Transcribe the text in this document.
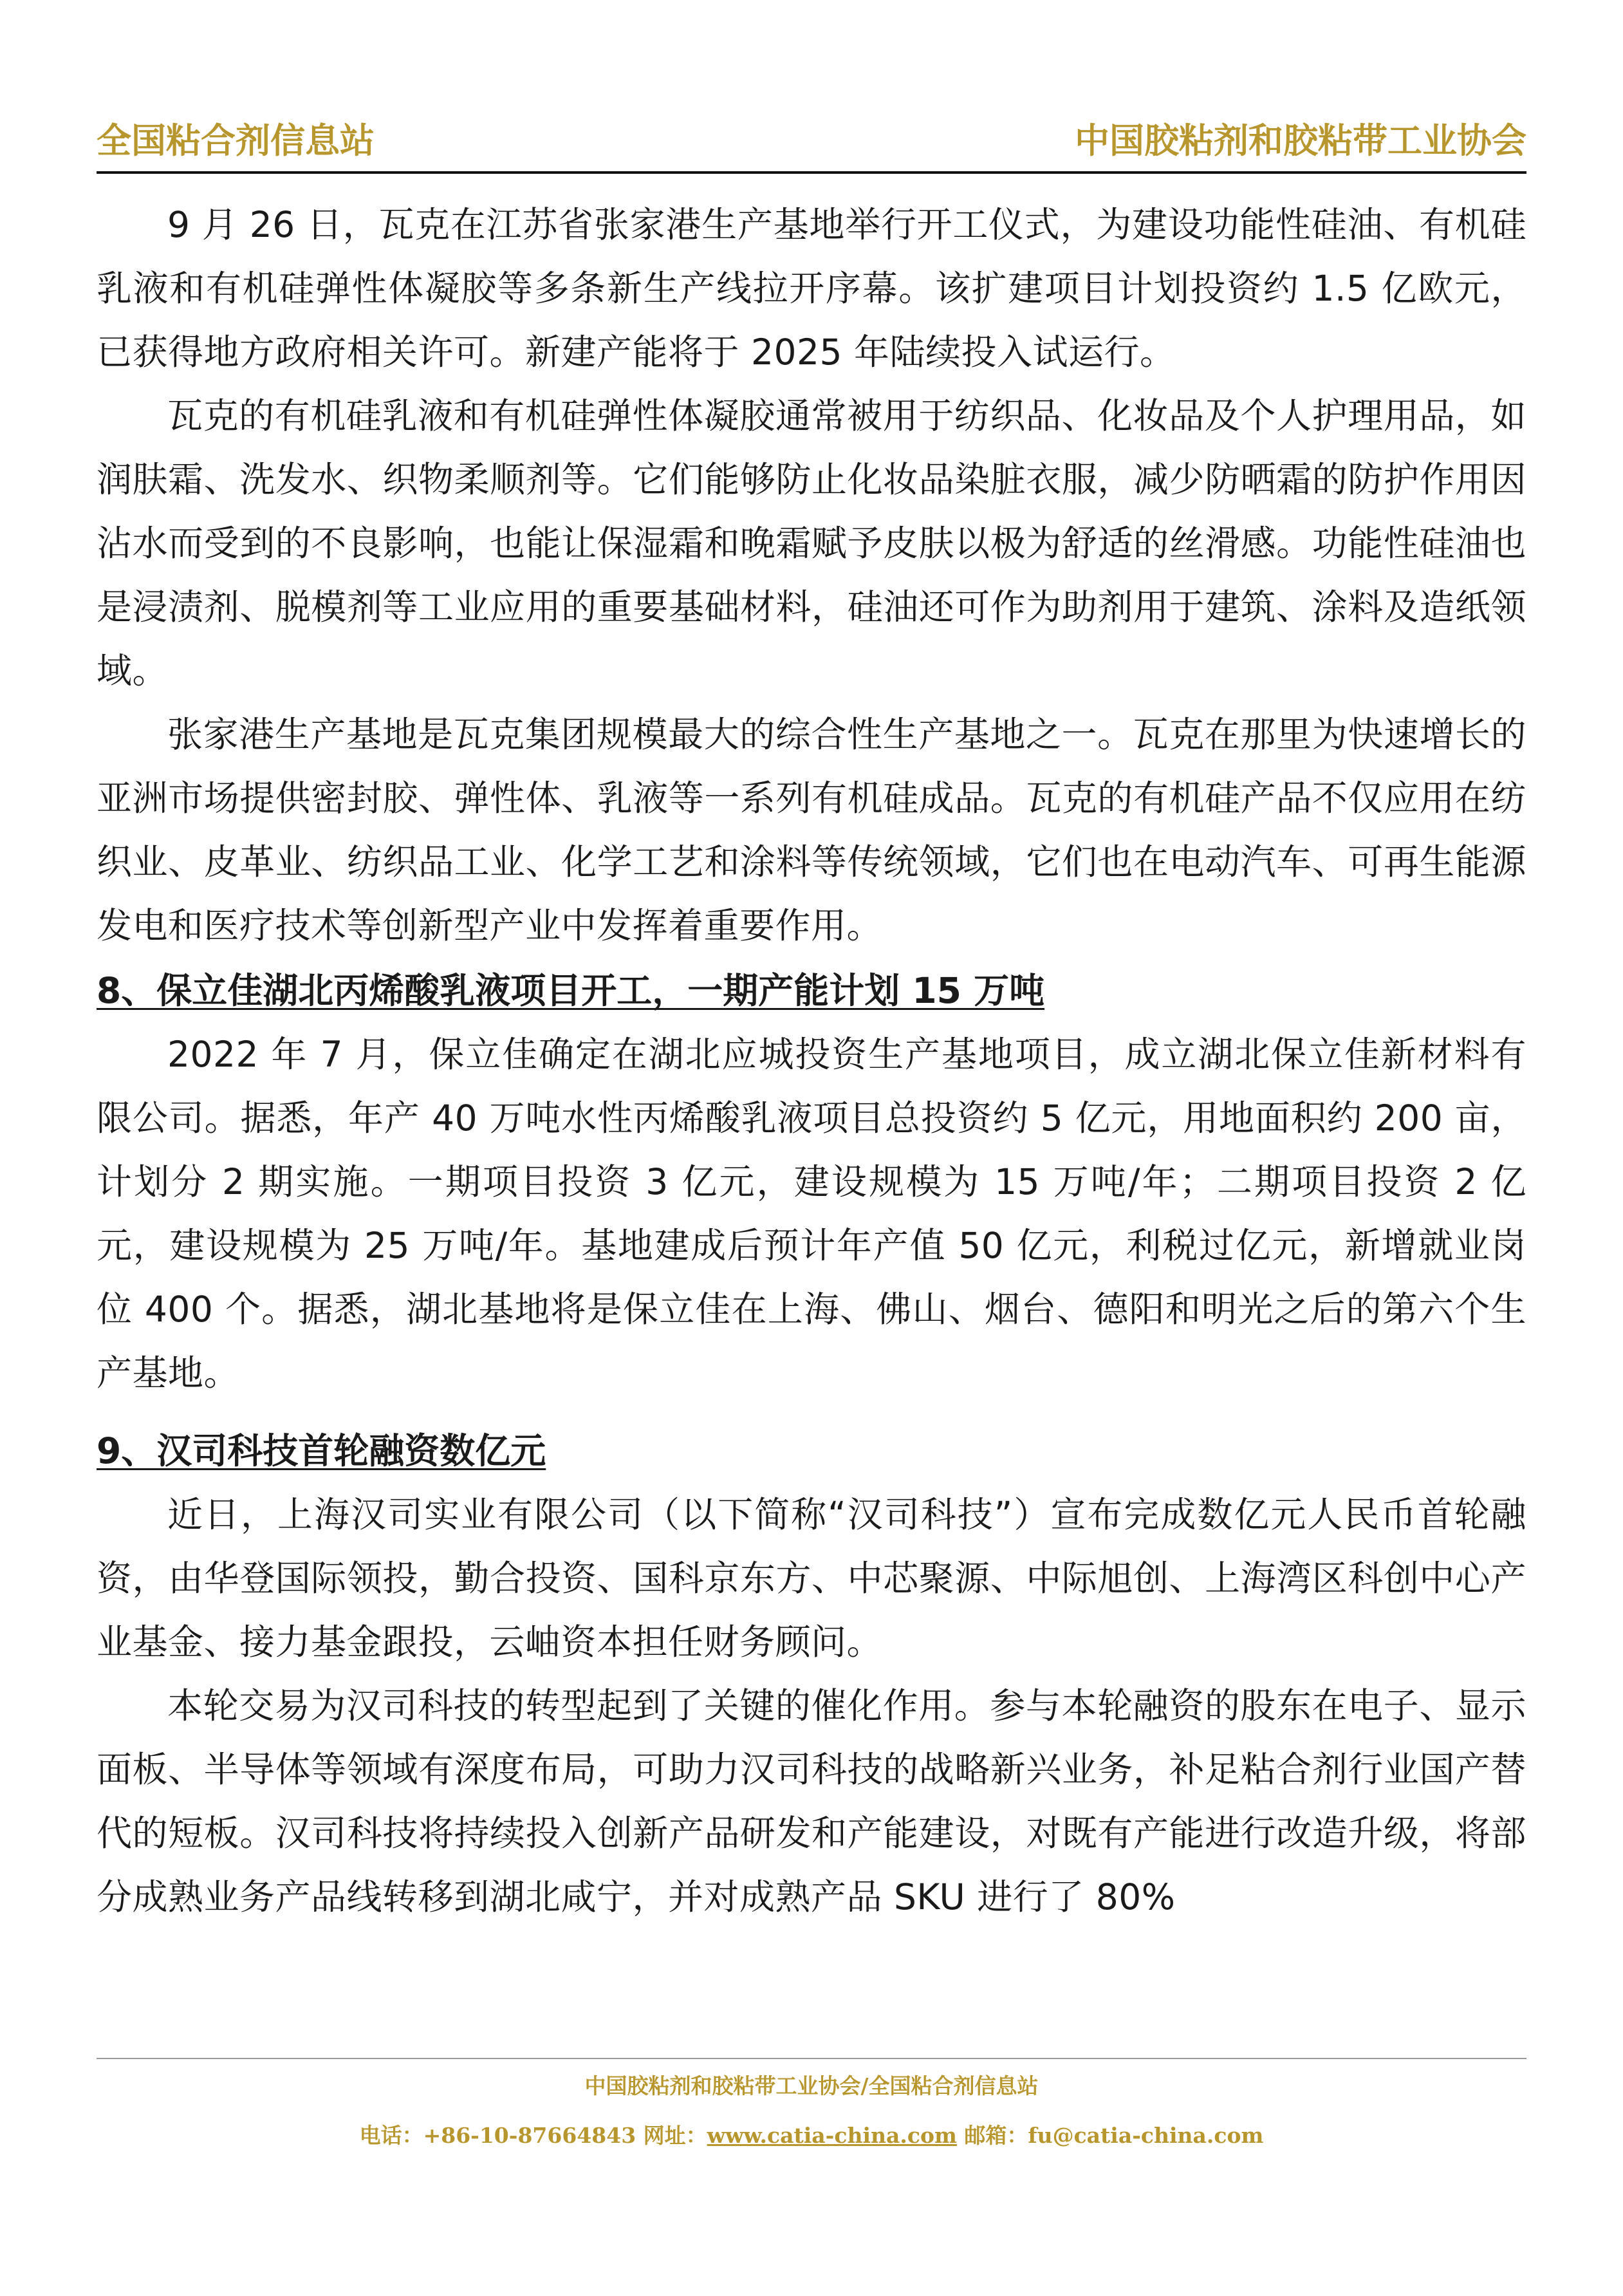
全国粘合剂信息站	中国胶粘剂和胶粘带工业协会

9 月 26 日，瓦克在江苏省张家港生产基地举行开工仪式，为建设功能性硅油、有机硅乳液和有机硅弹性体凝胶等多条新生产线拉开序幕。该扩建项目计划投资约 1.5 亿欧元，已获得地方政府相关许可。新建产能将于 2025 年陆续投入试运行。

瓦克的有机硅乳液和有机硅弹性体凝胶通常被用于纺织品、化妆品及个人护理用品，如润肤霜、洗发水、织物柔顺剂等。它们能够防止化妆品染脏衣服，减少防晒霜的防护作用因沾水而受到的不良影响，也能让保湿霜和晚霜赋予皮肤以极为舒适的丝滑感。功能性硅油也是浸渍剂、脱模剂等工业应用的重要基础材料，硅油还可作为助剂用于建筑、涂料及造纸领域。

张家港生产基地是瓦克集团规模最大的综合性生产基地之一。瓦克在那里为快速增长的亚洲市场提供密封胶、弹性体、乳液等一系列有机硅成品。瓦克的有机硅产品不仅应用在纺织业、皮革业、纺织品工业、化学工艺和涂料等传统领域，它们也在电动汽车、可再生能源发电和医疗技术等创新型产业中发挥着重要作用。

8、保立佳湖北丙烯酸乳液项目开工，一期产能计划 15 万吨

2022 年 7 月，保立佳确定在湖北应城投资生产基地项目，成立湖北保立佳新材料有限公司。据悉，年产 40 万吨水性丙烯酸乳液项目总投资约 5 亿元，用地面积约 200 亩，计划分 2 期实施。一期项目投资 3 亿元，建设规模为 15 万吨/年；二期项目投资 2 亿元，建设规模为 25 万吨/年。基地建成后预计年产值 50 亿元，利税过亿元，新增就业岗位 400 个。据悉，湖北基地将是保立佳在上海、佛山、烟台、德阳和明光之后的第六个生产基地。

9、汉司科技首轮融资数亿元

近日，上海汉司实业有限公司（以下简称“汉司科技”）宣布完成数亿元人民币首轮融资，由华登国际领投，勤合投资、国科京东方、中芯聚源、中际旭创、上海湾区科创中心产业基金、接力基金跟投，云岫资本担任财务顾问。

本轮交易为汉司科技的转型起到了关键的催化作用。参与本轮融资的股东在电子、显示面板、半导体等领域有深度布局，可助力汉司科技的战略新兴业务，补足粘合剂行业国产替代的短板。汉司科技将持续投入创新产品研发和产能建设，对既有产能进行改造升级，将部分成熟业务产品线转移到湖北咸宁，并对成熟产品 SKU 进行了 80%

中国胶粘剂和胶粘带工业协会/全国粘合剂信息站
电话：+86-10-87664843 网址：www.catia-china.com 邮箱：fu@catia-china.com
